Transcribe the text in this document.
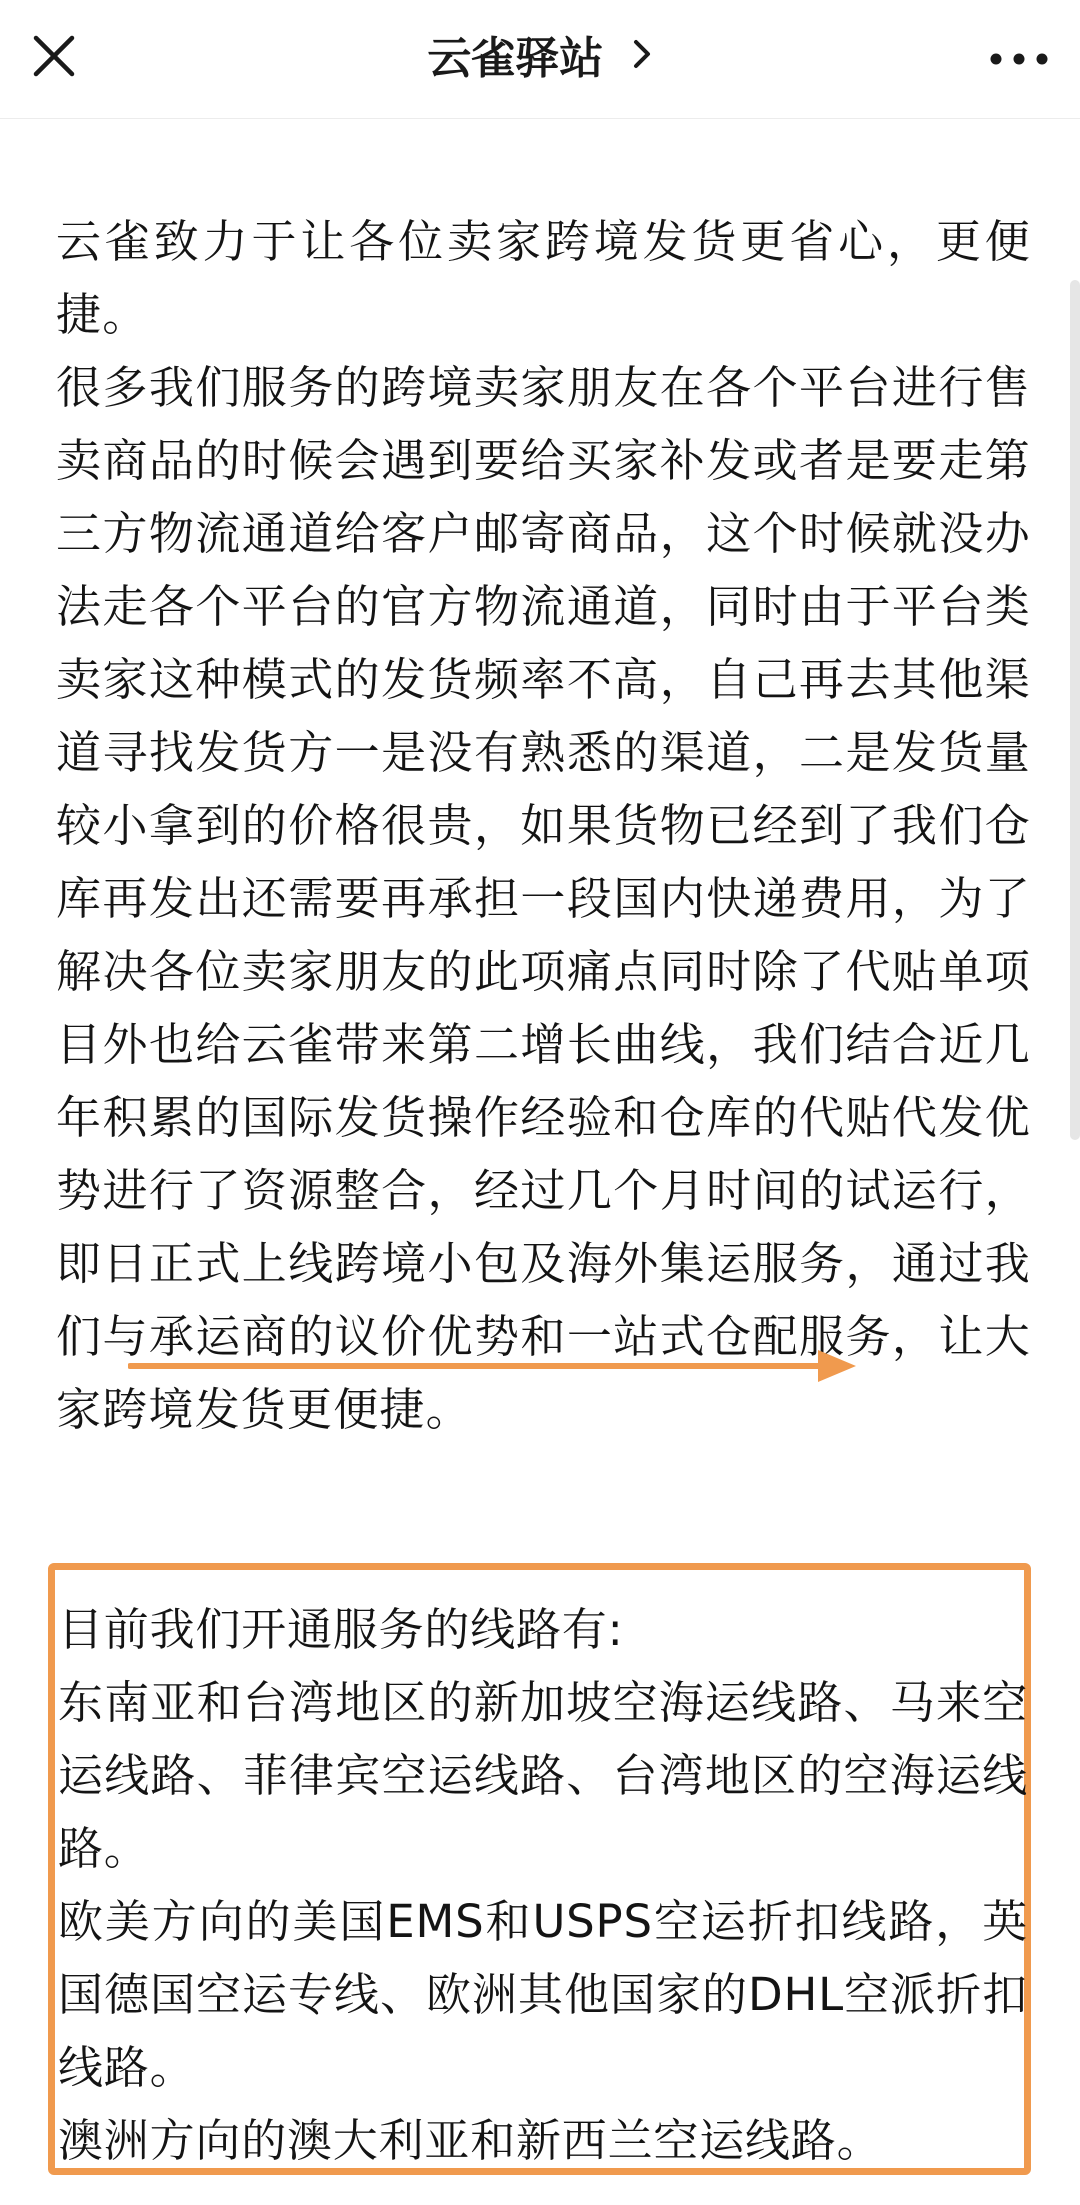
云雀驿站

云雀致力于让各位卖家跨境发货更省心，更便捷。

很多我们服务的跨境卖家朋友在各个平台进行售卖商品的时候会遇到要给买家补发或者是要走第三方物流通道给客户邮寄商品，这个时候就没办法走各个平台的官方物流通道，同时由于平台类卖家这种模式的发货频率不高，自己再去其他渠道寻找发货方一是没有熟悉的渠道，二是发货量较小拿到的价格很贵，如果货物已经到了我们仓库再发出还需要再承担一段国内快递费用，为了解决各位卖家朋友的此项痛点同时除了代贴单项目外也给云雀带来第二增长曲线，我们结合近几年积累的国际发货操作经验和仓库的代贴代发优势进行了资源整合，经过几个月时间的试运行，即日正式上线跨境小包及海外集运服务，通过我们与承运商的议价优势和一站式仓配服务，让大家跨境发货更便捷。

目前我们开通服务的线路有:

东南亚和台湾地区的新加坡空海运线路、马来空运线路、菲律宾空运线路、台湾地区的空海运线路。

欧美方向的美国EMS和USPS空运折扣线路，英国德国空运专线、欧洲其他国家的DHL空派折扣线路。

澳洲方向的澳大利亚和新西兰空运线路。
